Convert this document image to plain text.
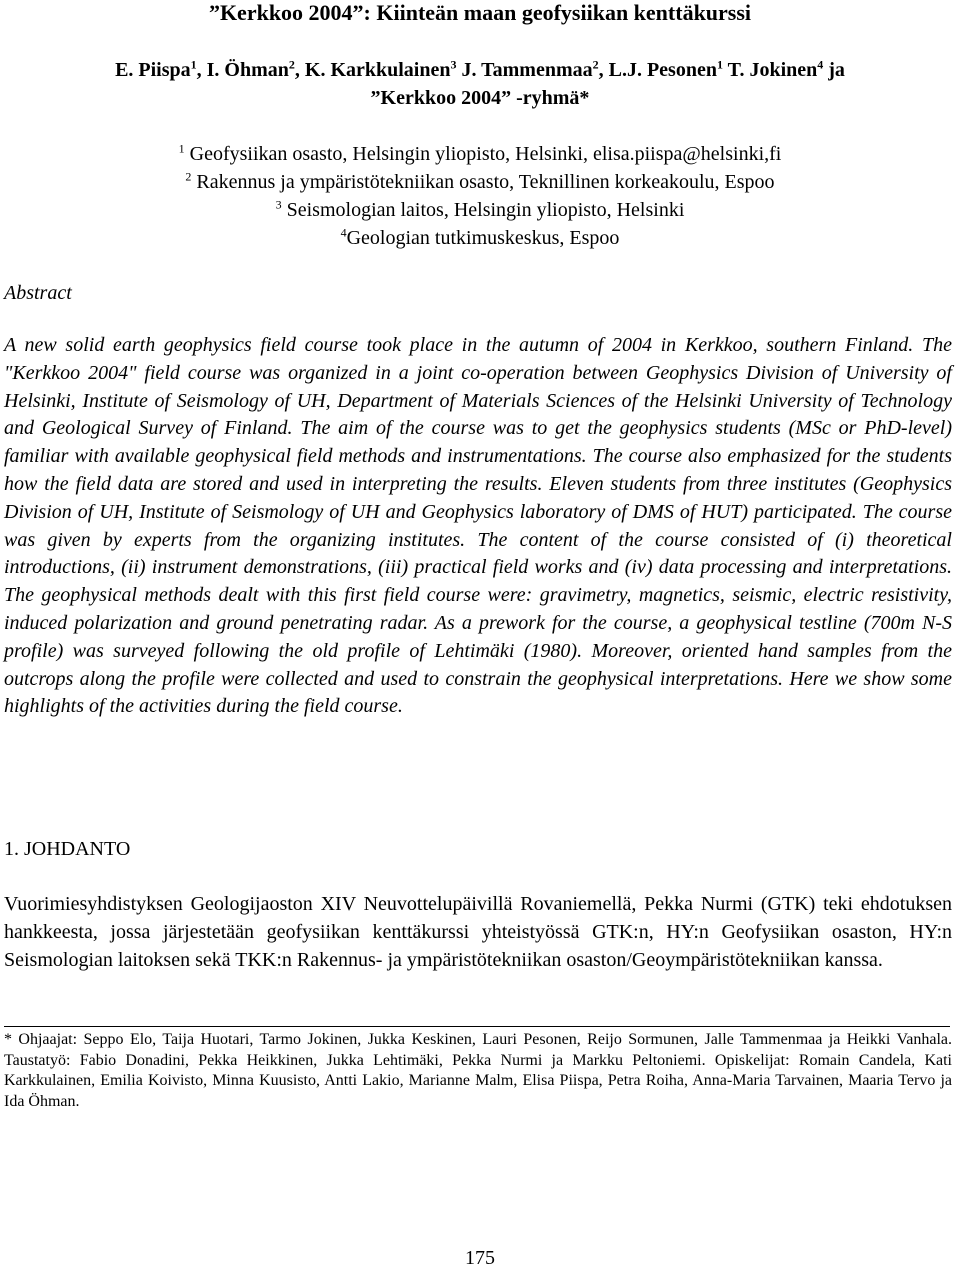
”Kerkkoo 2004”: Kiinteän maan geofysiikan kenttäkurssi
E. Piispa$^1$, I. Öhman$^2$, K. Karkkulainen$^3$ J. Tammenmaa$^2$, L.J. Pesonen$^1$ T. Jokinen$^4$ ja
”Kerkkoo 2004” -ryhmä*
$^1$ Geofysiikan osasto, Helsingin yliopisto, Helsinki, elisa.piispa@helsinki,fi
$^2$ Rakennus ja ympäristötekniikan osasto, Teknillinen korkeakoulu, Espoo
$^3$ Seismologian laitos, Helsingin yliopisto, Helsinki
$^4$Geologian tutkimuskeskus, Espoo
Abstract
A new solid earth geophysics field course took place in the autumn of 2004 in Kerkkoo, southern Finland. The "Kerkkoo 2004" field course was organized in a joint co-operation between Geophysics Division of University of Helsinki, Institute of Seismology of UH, Department of Materials Sciences of the Helsinki University of Technology and Geological Survey of Finland. The aim of the course was to get the geophysics students (MSc or PhD-level) familiar with available geophysical field methods and instrumentations. The course also emphasized for the students how the field data are stored and used in interpreting the results. Eleven students from three institutes (Geophysics Division of UH, Institute of Seismology of UH and Geophysics laboratory of DMS of HUT) participated. The course was given by experts from the organizing institutes. The content of the course consisted of (i) theoretical introductions, (ii) instrument demonstrations, (iii) practical field works and (iv) data processing and interpretations. The geophysical methods dealt with this first field course were: gravimetry, magnetics, seismic, electric resistivity, induced polarization and ground penetrating radar. As a prework for the course, a geophysical testline (700m N-S profile) was surveyed following the old profile of Lehtimäki (1980). Moreover, oriented hand samples from the outcrops along the profile were collected and used to constrain the geophysical interpretations. Here we show some highlights of the activities during the field course.
1. JOHDANTO
Vuorimiesyhdistyksen Geologijaoston XIV Neuvottelupäivillä Rovaniemellä, Pekka Nurmi (GTK) teki ehdotuksen hankkeesta, jossa järjestetään geofysiikan kenttäkurssi yhteistyössä GTK:n, HY:n Geofysiikan osaston, HY:n Seismologian laitoksen sekä TKK:n Rakennus- ja ympäristötekniikan osaston/Geoympäristötekniikan kanssa.
* Ohjaajat: Seppo Elo, Taija Huotari, Tarmo Jokinen, Jukka Keskinen, Lauri Pesonen, Reijo Sormunen, Jalle Tammenmaa ja Heikki Vanhala. Taustatyö: Fabio Donadini, Pekka Heikkinen, Jukka Lehtimäki, Pekka Nurmi ja Markku Peltoniemi. Opiskelijat: Romain Candela, Kati Karkkulainen, Emilia Koivisto, Minna Kuusisto, Antti Lakio, Marianne Malm, Elisa Piispa, Petra Roiha, Anna-Maria Tarvainen, Maaria Tervo ja Ida Öhman.
175
